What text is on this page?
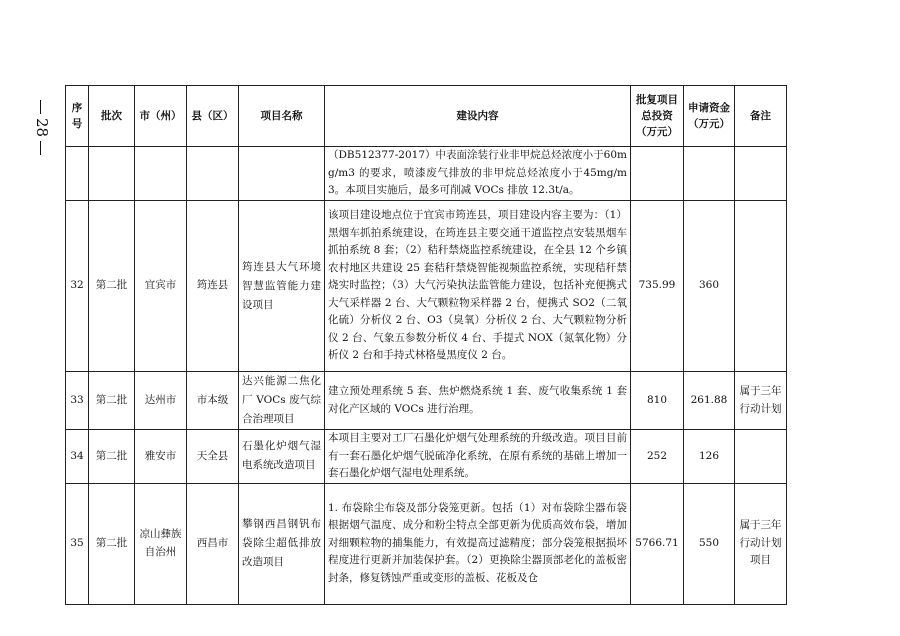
28
序号	批次	市（州）	县（区）	项目名称	建设内容	批复项目总投资（万元）	申请资金（万元）	备注
					（DB512377-2017）中表面涂装行业非甲烷总烃浓度小于60mg/m3 的要求，喷漆废气排放的非甲烷总烃浓度小于45mg/m3。本项目实施后，最多可削减 VOCs 排放 12.3t/a。			
32	第二批	宜宾市	筠连县	筠连县大气环境智慧监管能力建设项目	该项目建设地点位于宜宾市筠连县，项目建设内容主要为：（1）黑烟车抓拍系统建设，在筠连县主要交通干道监控点安装黑烟车抓拍系统 8 套；（2）秸秆禁烧监控系统建设，在全县 12 个乡镇农村地区共建设 25 套秸秆禁烧智能视频监控系统，实现秸秆禁烧实时监控；（3）大气污染执法监管能力建设，包括补充便携式大气采样器 2 台、大气颗粒物采样器 2 台，便携式 SO2（二氧化硫）分析仪 2 台、O3（臭氧）分析仪 2 台、大气颗粒物分析仪 2 台、气象五参数分析仪 4 台、手提式 NOX（氮氧化物）分析仪 2 台和手持式林格曼黑度仪 2 台。	735.99	360	
33	第二批	达州市	市本级	达兴能源二焦化厂 VOCs 废气综合治理项目	建立预处理系统 5 套、焦炉燃烧系统 1 套、废气收集系统 1 套对化产区域的 VOCs 进行治理。	810	261.88	属于三年行动计划
34	第二批	雅安市	天全县	石墨化炉烟气湿电系统改造项目	本项目主要对工厂石墨化炉烟气处理系统的升级改造。项目目前有一套石墨化炉烟气脱硫净化系统，在原有系统的基础上增加一套石墨化炉烟气湿电处理系统。	252	126	
35	第二批	凉山彝族自治州	西昌市	攀钢西昌钢钒布袋除尘超低排放改造项目	1. 布袋除尘布袋及部分袋笼更新。包括（1）对布袋除尘器布袋根据烟气温度、成分和粉尘特点全部更新为优质高效布袋，增加对细颗粒物的捕集能力，有效提高过滤精度；部分袋笼根据损坏程度进行更新并加装保护套。（2）更换除尘器顶部老化的盖板密封条，修复锈蚀严重或变形的盖板、花板及仓	5766.71	550	属于三年行动计划项目
